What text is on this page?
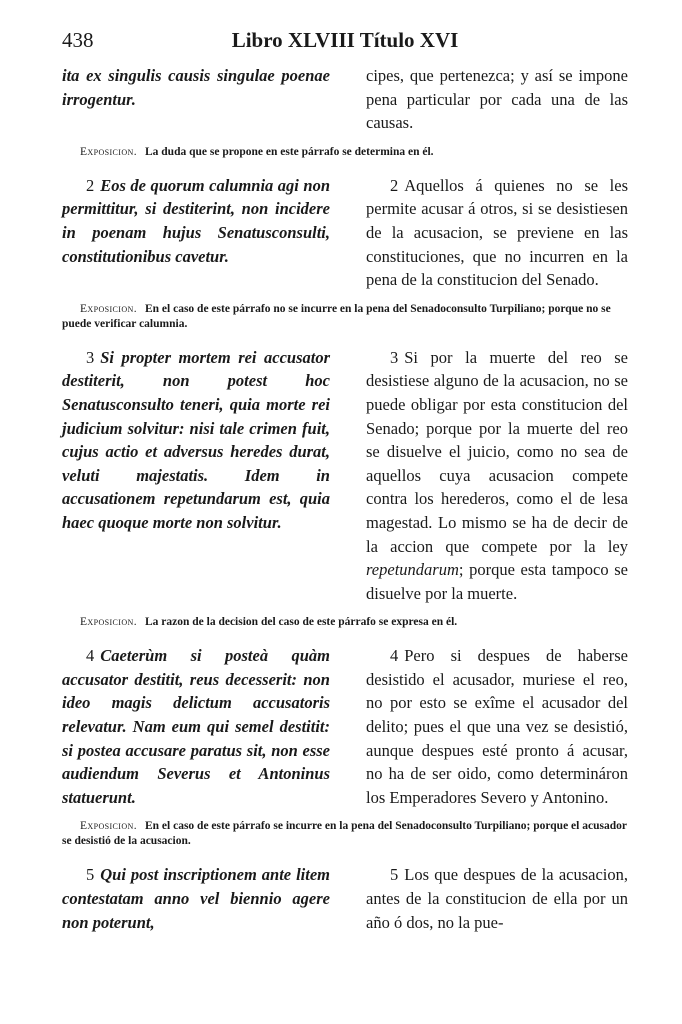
Libro XLVIII Título XVI
438
ita ex singulis causis singulae poenae irrogentur.
cipes, que pertenezca; y así se impone pena particular por cada una de las causas.
Exposicion. La duda que se propone en este párrafo se determina en él.
2 Eos de quorum calumnia agi non permittitur, si destiterint, non incidere in poenam hujus Senatusconsulti, constitutionibus cavetur.
2 Aquellos á quienes no se les permite acusar á otros, si se desistiesen de la acusacion, se previene en las constituciones, que no incurren en la pena de la constitucion del Senado.
Exposicion. En el caso de este párrafo no se incurre en la pena del Senadoconsulto Turpiliano; porque no se puede verificar calumnia.
3 Si propter mortem rei accusator destiterit, non potest hoc Senatusconsulto teneri, quia morte rei judicium solvitur: nisi tale crimen fuit, cujus actio et adversus heredes durat, veluti majestatis. Idem in accusationem repetundarum est, quia haec quoque morte non solvitur.
3 Si por la muerte del reo se desistiese alguno de la acusacion, no se puede obligar por esta constitucion del Senado; porque por la muerte del reo se disuelve el juicio, como no sea de aquellos cuya acusacion compete contra los herederos, como el de lesa magestad. Lo mismo se ha de decir de la accion que compete por la ley repetundarum; porque esta tampoco se disuelve por la muerte.
Exposicion. La razon de la decision del caso de este párrafo se expresa en él.
4 Caeterùm si posteà quàm accusator destitit, reus decesserit: non ideo magis delictum accusatoris relevatur. Nam eum qui semel destitit: si postea accusare paratus sit, non esse audiendum Severus et Antoninus statuerunt.
4 Pero si despues de haberse desistido el acusador, muriese el reo, no por esto se exîme el acusador del delito; pues el que una vez se desistió, aunque despues esté pronto á acusar, no ha de ser oido, como determináron los Emperadores Severo y Antonino.
Exposicion. En el caso de este párrafo se incurre en la pena del Senadoconsulto Turpiliano; porque el acusador se desistió de la acusacion.
5 Qui post inscriptionem ante litem contestatam anno vel biennio agere non poterunt,
5 Los que despues de la acusacion, antes de la constitucion de ella por un año ó dos, no la pue-
